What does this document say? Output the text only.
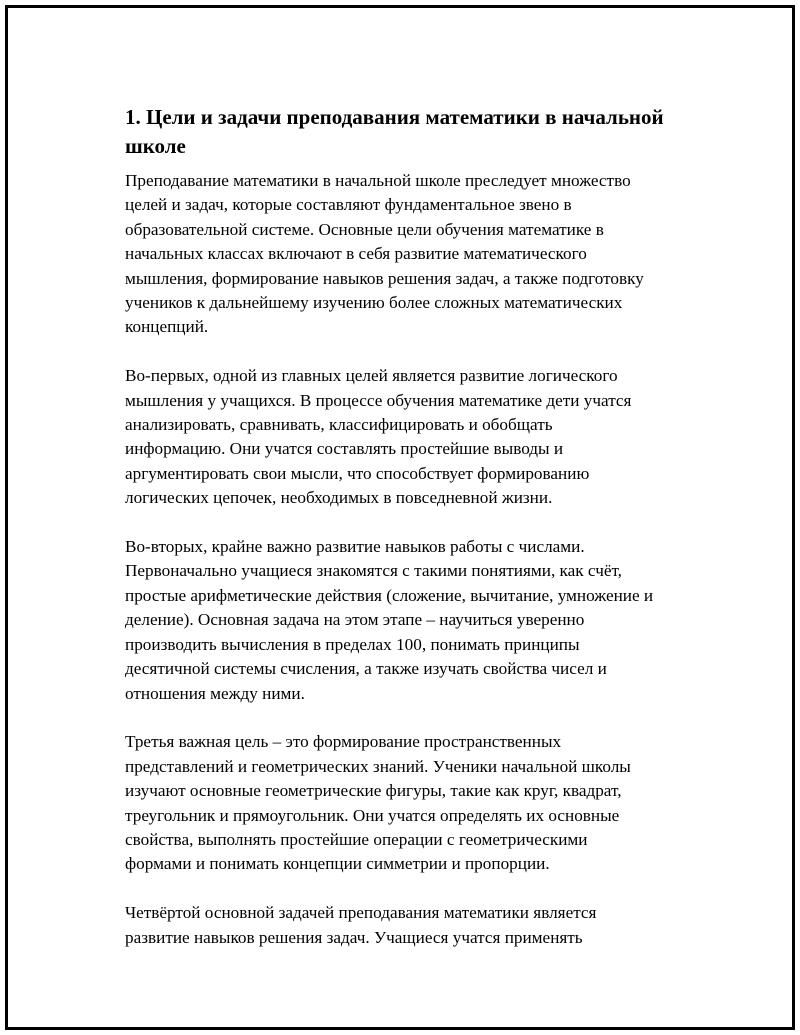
1. Цели и задачи преподавания математики в начальной
школе

Преподавание математики в начальной школе преследует множество
целей и задач, которые составляют фундаментальное звено в
образовательной системе. Основные цели обучения математике в
начальных классах включают в себя развитие математического
мышления, формирование навыков решения задач, а также подготовку
учеников к дальнейшему изучению более сложных математических
концепций.

Во-первых, одной из главных целей является развитие логического
мышления у учащихся. В процессе обучения математике дети учатся
анализировать, сравнивать, классифицировать и обобщать
информацию. Они учатся составлять простейшие выводы и
аргументировать свои мысли, что способствует формированию
логических цепочек, необходимых в повседневной жизни.

Во-вторых, крайне важно развитие навыков работы с числами.
Первоначально учащиеся знакомятся с такими понятиями, как счёт,
простые арифметические действия (сложение, вычитание, умножение и
деление). Основная задача на этом этапе – научиться уверенно
производить вычисления в пределах 100, понимать принципы
десятичной системы счисления, а также изучать свойства чисел и
отношения между ними.

Третья важная цель – это формирование пространственных
представлений и геометрических знаний. Ученики начальной школы
изучают основные геометрические фигуры, такие как круг, квадрат,
треугольник и прямоугольник. Они учатся определять их основные
свойства, выполнять простейшие операции с геометрическими
формами и понимать концепции симметрии и пропорции.

Четвёртой основной задачей преподавания математики является
развитие навыков решения задач. Учащиеся учатся применять
